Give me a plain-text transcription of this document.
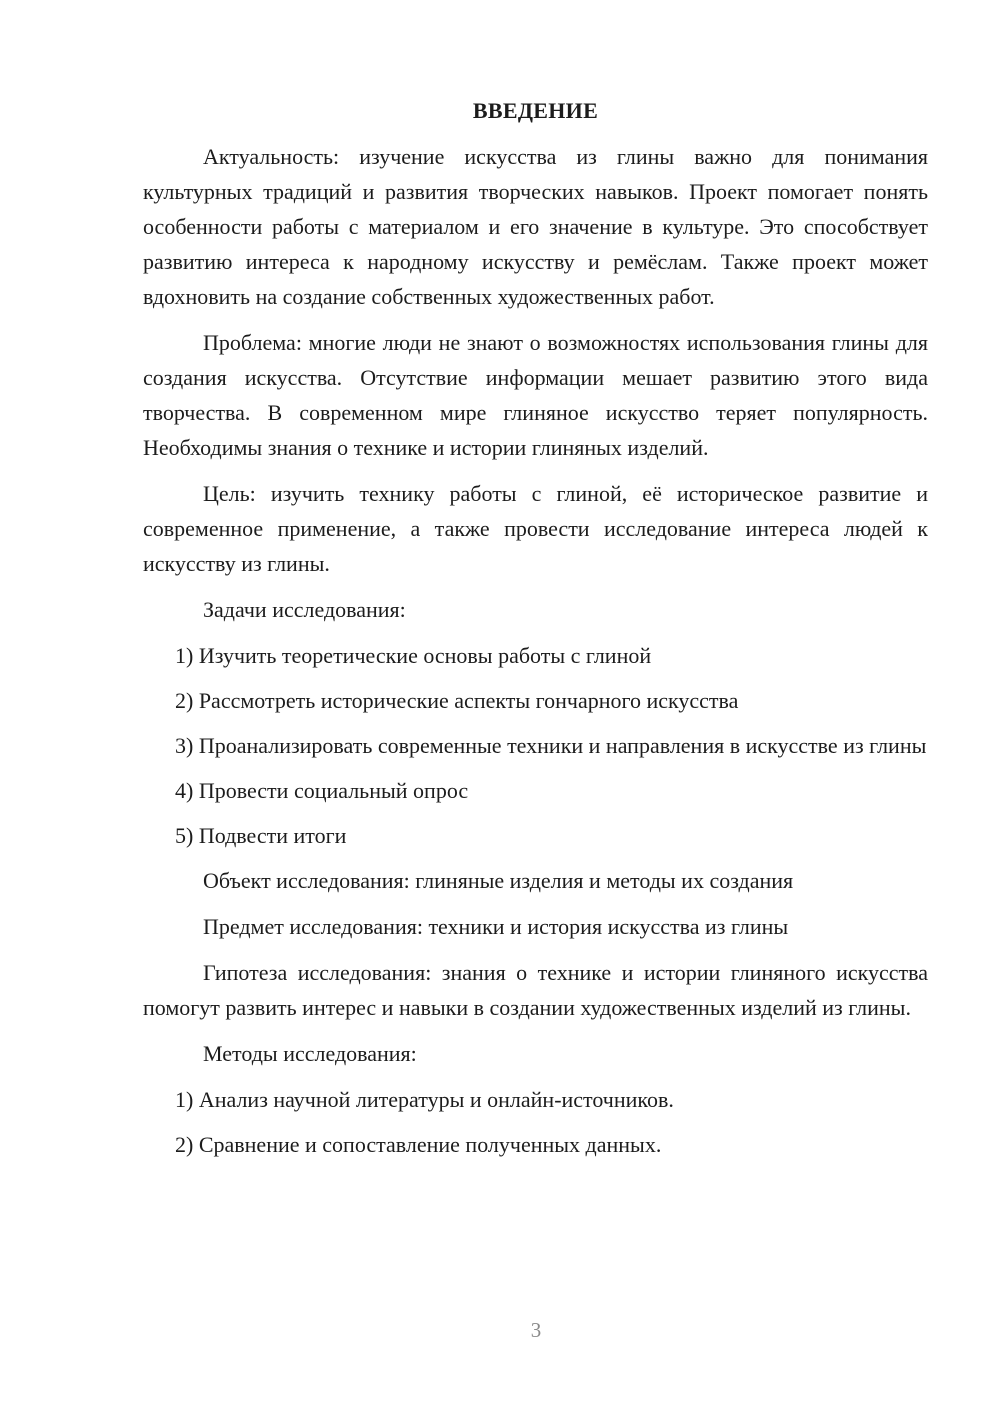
ВВЕДЕНИЕ
Актуальность: изучение искусства из глины важно для понимания культурных традиций и развития творческих навыков. Проект помогает понять особенности работы с материалом и его значение в культуре. Это способствует развитию интереса к народному искусству и ремёслам. Также проект может вдохновить на создание собственных художественных работ.
Проблема: многие люди не знают о возможностях использования глины для создания искусства. Отсутствие информации мешает развитию этого вида творчества. В современном мире глиняное искусство теряет популярность. Необходимы знания о технике и истории глиняных изделий.
Цель: изучить технику работы с глиной, её историческое развитие и современное применение, а также провести исследование интереса людей к искусству из глины.
Задачи исследования:
1) Изучить теоретические основы работы с глиной
2) Рассмотреть исторические аспекты гончарного искусства
3) Проанализировать современные техники и направления в искусстве из глины
4) Провести социальный опрос
5) Подвести итоги
Объект исследования: глиняные изделия и методы их создания
Предмет исследования: техники и история искусства из глины
Гипотеза исследования: знания о технике и истории глиняного искусства помогут развить интерес и навыки в создании художественных изделий из глины.
Методы исследования:
1) Анализ научной литературы и онлайн-источников.
2) Сравнение и сопоставление полученных данных.
3
